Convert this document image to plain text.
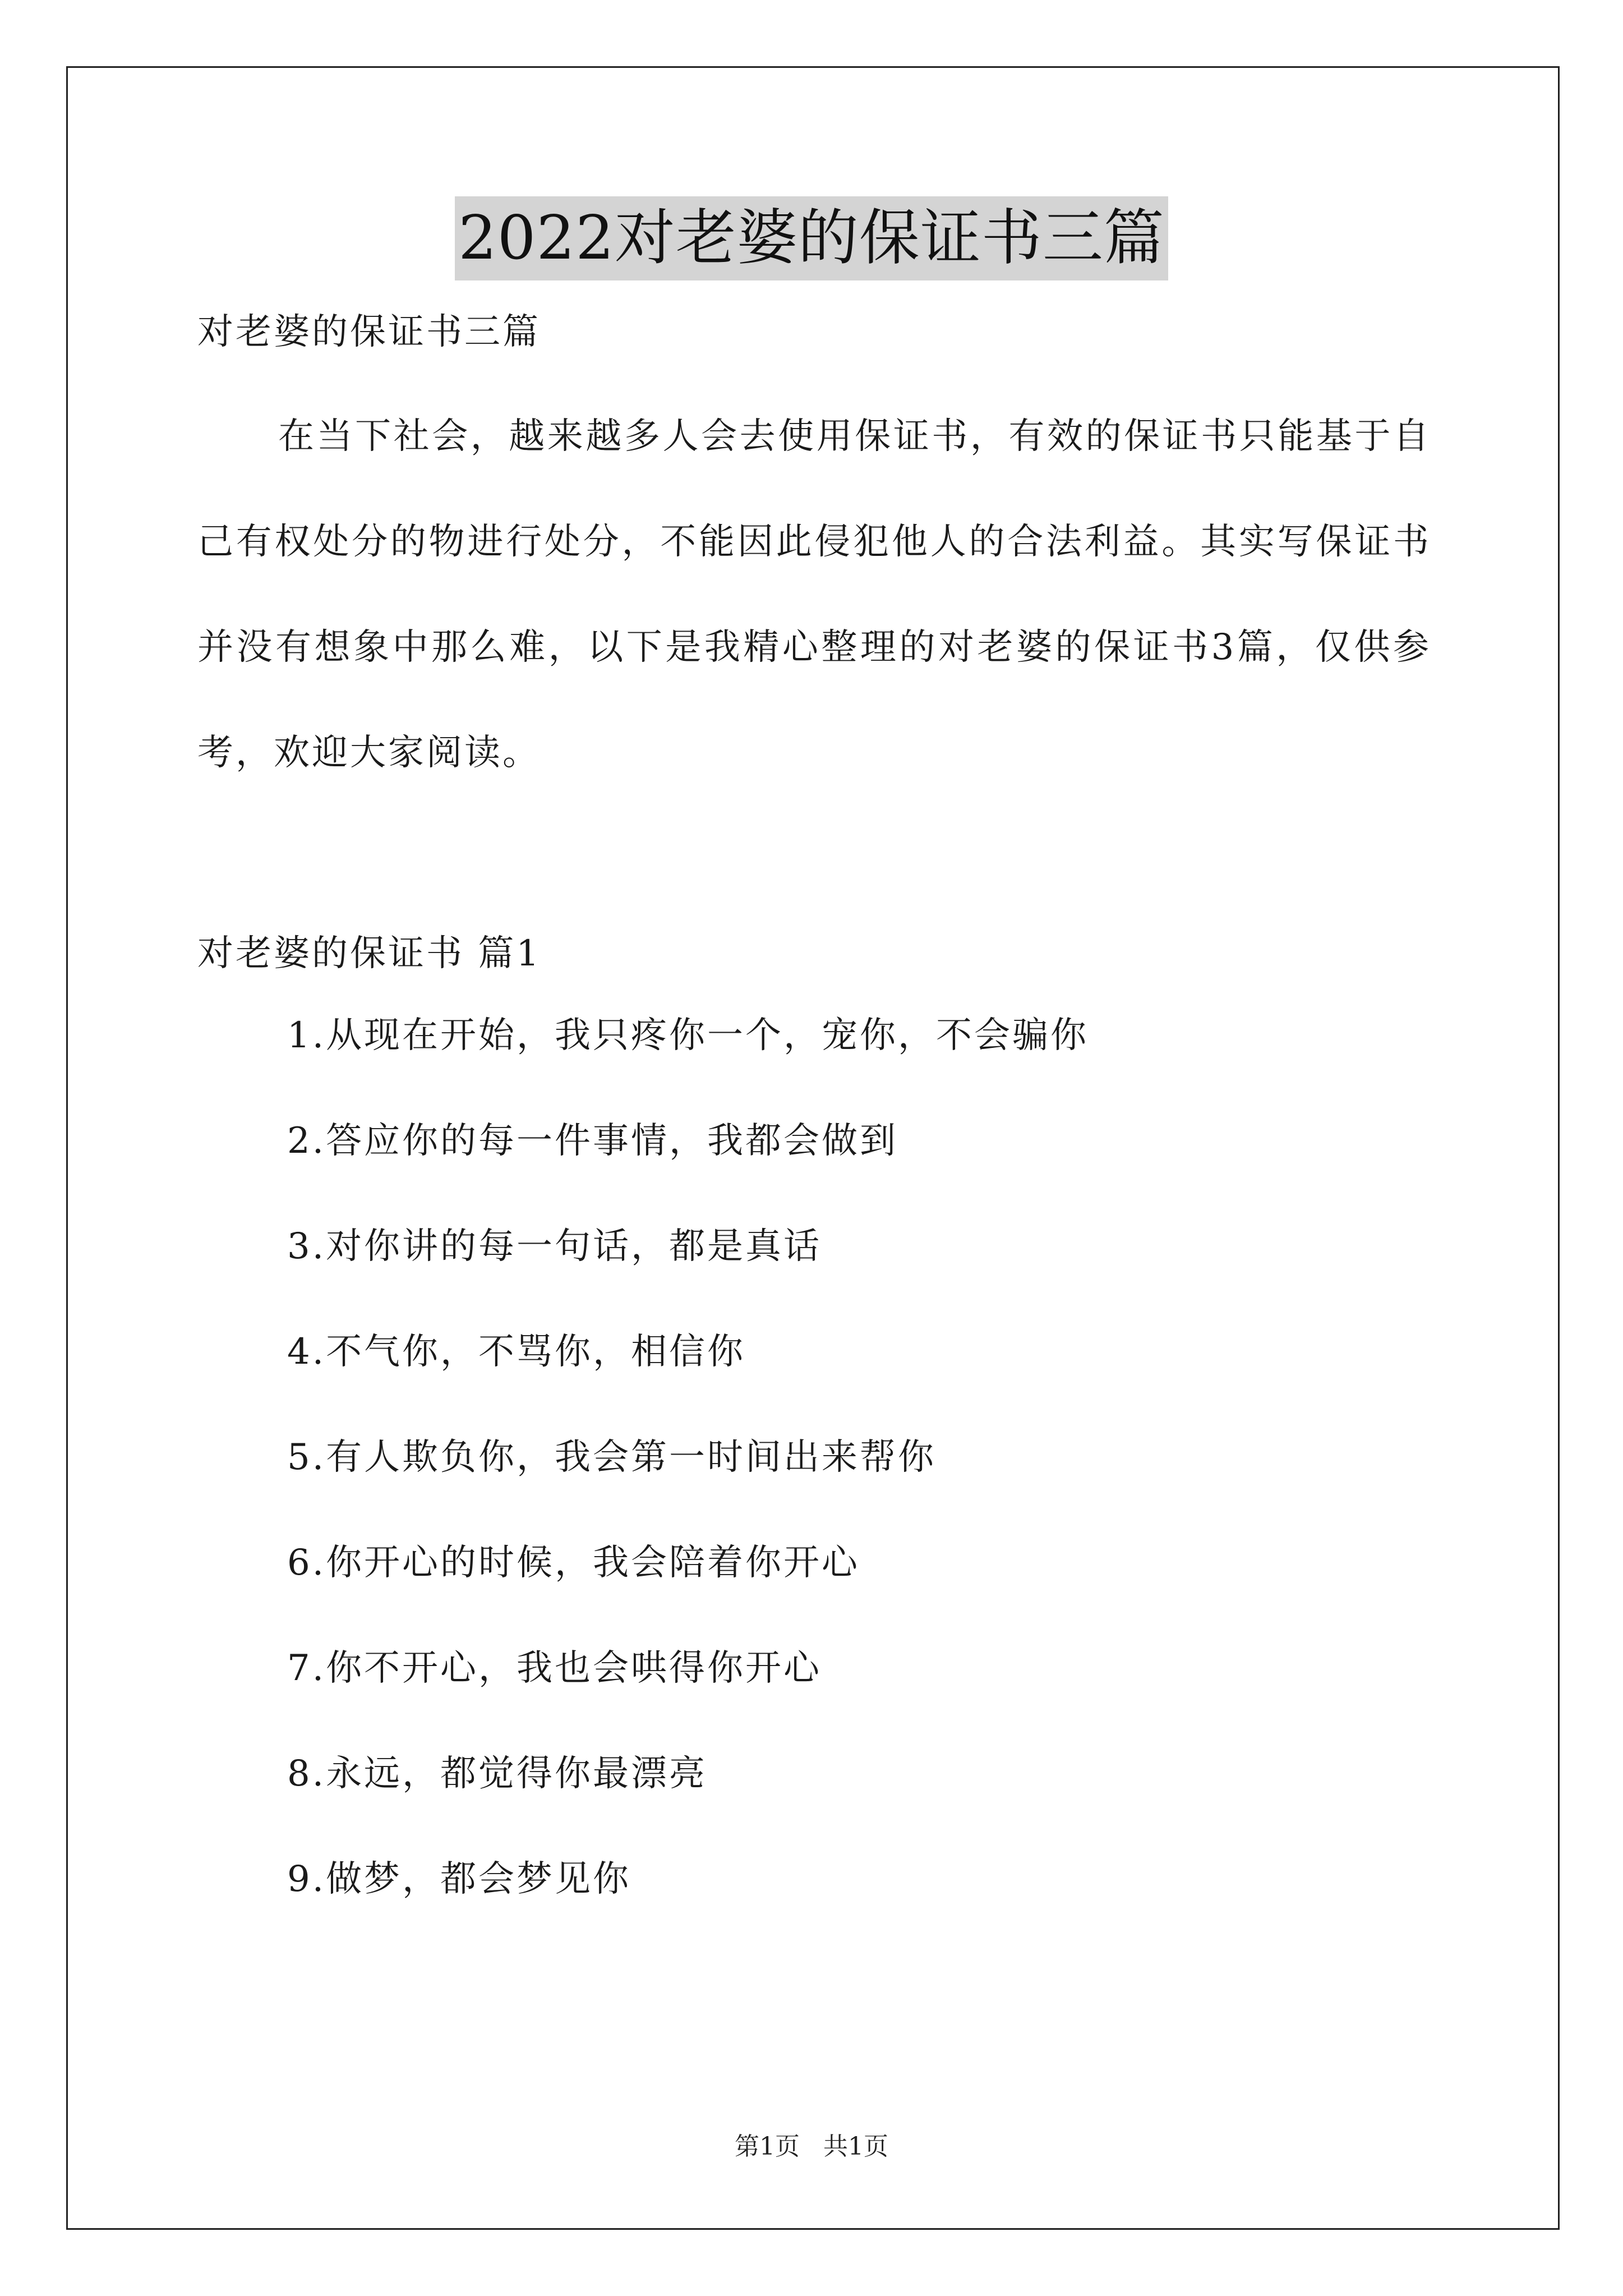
2022对老婆的保证书三篇

对老婆的保证书三篇

在当下社会，越来越多人会去使用保证书，有效的保证书只能基于自己有权处分的物进行处分，不能因此侵犯他人的合法利益。其实写保证书并没有想象中那么难，以下是我精心整理的对老婆的保证书3篇，仅供参考，欢迎大家阅读。

对老婆的保证书 篇1

1.从现在开始，我只疼你一个，宠你，不会骗你
2.答应你的每一件事情，我都会做到
3.对你讲的每一句话，都是真话
4.不气你，不骂你，相信你
5.有人欺负你，我会第一时间出来帮你
6.你开心的时候，我会陪着你开心
7.你不开心，我也会哄得你开心
8.永远，都觉得你最漂亮
9.做梦，都会梦见你
第1页   共1页
